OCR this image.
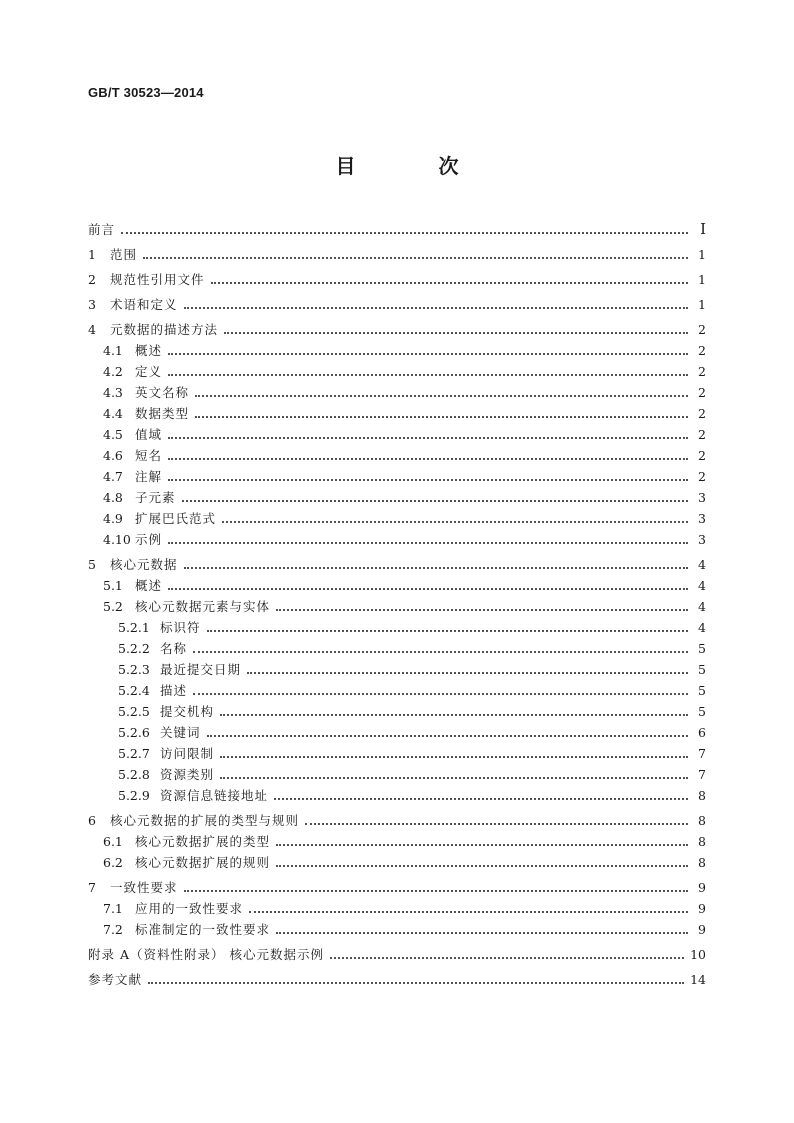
GB/T 30523—2014
目 次
前言	Ⅰ
1	范围	1
2	规范性引用文件	1
3	术语和定义	1
4	元数据的描述方法	2
4.1 概述	2
4.2 定义	2
4.3 英文名称	2
4.4 数据类型	2
4.5 值域	2
4.6 短名	2
4.7 注解	2
4.8 子元素	3
4.9 扩展巴氏范式	3
4.10 示例	3
5	核心元数据	4
5.1 概述	4
5.2 核心元数据元素与实体	4
5.2.1 标识符	4
5.2.2 名称	5
5.2.3 最近提交日期	5
5.2.4 描述	5
5.2.5 提交机构	5
5.2.6 关键词	6
5.2.7 访问限制	7
5.2.8 资源类别	7
5.2.9 资源信息链接地址	8
6	核心元数据的扩展的类型与规则	8
6.1 核心元数据扩展的类型	8
6.2 核心元数据扩展的规则	8
7	一致性要求	9
7.1 应用的一致性要求	9
7.2 标准制定的一致性要求	9
附录 A（资料性附录） 核心元数据示例	10
参考文献	14
